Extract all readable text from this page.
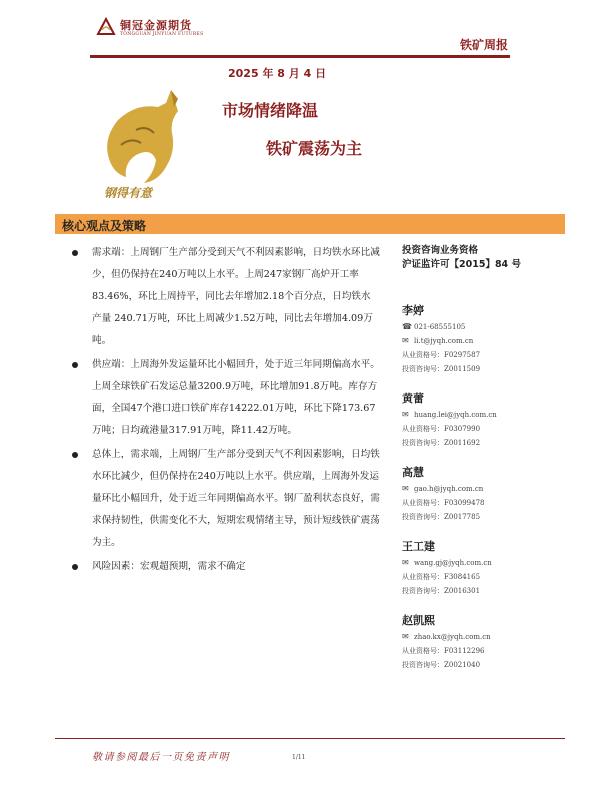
铜冠金源期货
TONGGUAN JINYUAN FUTURES
铁矿周报
2025 年 8 月 4 日
钢得有意
市场情绪降温
铁矿震荡为主
核心观点及策略

需求端：上周钢厂生产部分受到天气不利因素影响，日均铁水环比减少，但仍保持在240万吨以上水平。上周247家钢厂高炉开工率83.46%，环比上周持平，同比去年增加2.18个百分点，日均铁水产量 240.71万吨，环比上周减少1.52万吨，同比去年增加4.09万吨。

供应端：上周海外发运量环比小幅回升，处于近三年同期偏高水平。上周全球铁矿石发运总量3200.9万吨，环比增加91.8万吨。库存方面，全国47个港口进口铁矿库存14222.01万吨，环比下降173.67万吨；日均疏港量317.91万吨，降11.42万吨。

总体上，需求端，上周钢厂生产部分受到天气不利因素影响，日均铁水环比减少，但仍保持在240万吨以上水平。供应端，上周海外发运量环比小幅回升，处于近三年同期偏高水平。钢厂盈利状态良好，需求保持韧性，供需变化不大，短期宏观情绪主导，预计短线铁矿震荡为主。

风险因素：宏观超预期，需求不确定

投资咨询业务资格
沪证监许可【2015】84 号
李婷
☎ 021-68555105
✉ li.t@jyqh.com.cn
从业资格号：F0297587
投资咨询号：Z0011509
黄蕾
✉ huang.lei@jyqh.com.cn
从业资格号：F0307990
投资咨询号：Z0011692
高慧
✉ gao.h@jyqh.com.cn
从业资格号：F03099478
投资咨询号：Z0017785
王工建
✉ wang.gj@jyqh.com.cn
从业资格号：F3084165
投资咨询号：Z0016301
赵凯熙
✉ zhao.kx@jyqh.com.cn
从业资格号：F03112296
投资咨询号：Z0021040
敬请参阅最后一页免责声明	1/11
